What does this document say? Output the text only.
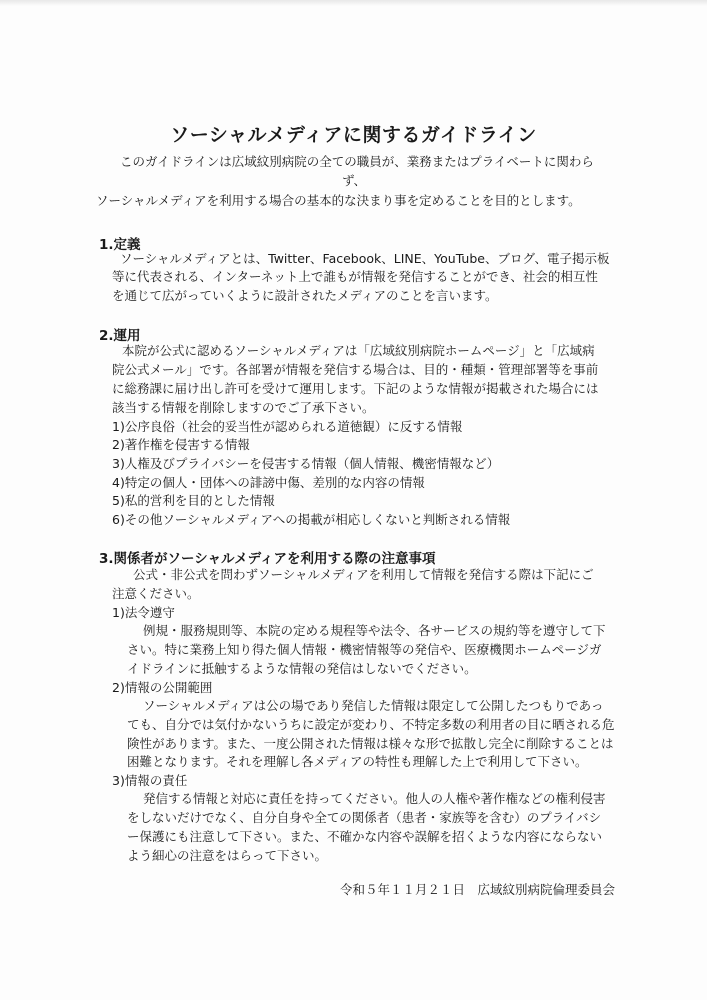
ソーシャルメディアに関するガイドライン
このガイドラインは広域紋別病院の全ての職員が、業務またはプライベートに関わら
ず、
ソーシャルメディアを利用する場合の基本的な決まり事を定めることを目的とします。
1.定義
ソーシャルメディアとは、Twitter、Facebook、LINE、YouTube、ブログ、電子掲示板
等に代表される、インターネット上で誰もが情報を発信することができ、社会的相互性
を通じて広がっていくように設計されたメディアのことを言います。
2.運用
本院が公式に認めるソーシャルメディアは「広域紋別病院ホームページ」と「広域病
院公式メール」です。各部署が情報を発信する場合は、目的・種類・管理部署等を事前
に総務課に届け出し許可を受けて運用します。下記のような情報が掲載された場合には
該当する情報を削除しますのでご了承下さい。
1)公序良俗（社会的妥当性が認められる道徳観）に反する情報
2)著作権を侵害する情報
3)人権及びプライバシーを侵害する情報（個人情報、機密情報など）
4)特定の個人・団体への誹謗中傷、差別的な内容の情報
5)私的営利を目的とした情報
6)その他ソーシャルメディアへの掲載が相応しくないと判断される情報
3.関係者がソーシャルメディアを利用する際の注意事項
公式・非公式を問わずソーシャルメディアを利用して情報を発信する際は下記にご
注意ください。
1)法令遵守
例規・服務規則等、本院の定める規程等や法令、各サービスの規約等を遵守して下
さい。特に業務上知り得た個人情報・機密情報等の発信や、医療機関ホームページガ
イドラインに抵触するような情報の発信はしないでください。
2)情報の公開範囲
ソーシャルメディアは公の場であり発信した情報は限定して公開したつもりであっ
ても、自分では気付かないうちに設定が変わり、不特定多数の利用者の目に晒される危
険性があります。また、一度公開された情報は様々な形で拡散し完全に削除することは
困難となります。それを理解し各メディアの特性も理解した上で利用して下さい。
3)情報の責任
発信する情報と対応に責任を持ってください。他人の人権や著作権などの権利侵害
をしないだけでなく、自分自身や全ての関係者（患者・家族等を含む）のプライバシ
ー保護にも注意して下さい。また、不確かな内容や誤解を招くような内容にならない
よう細心の注意をはらって下さい。
令和５年１１月２１日　広域紋別病院倫理委員会
